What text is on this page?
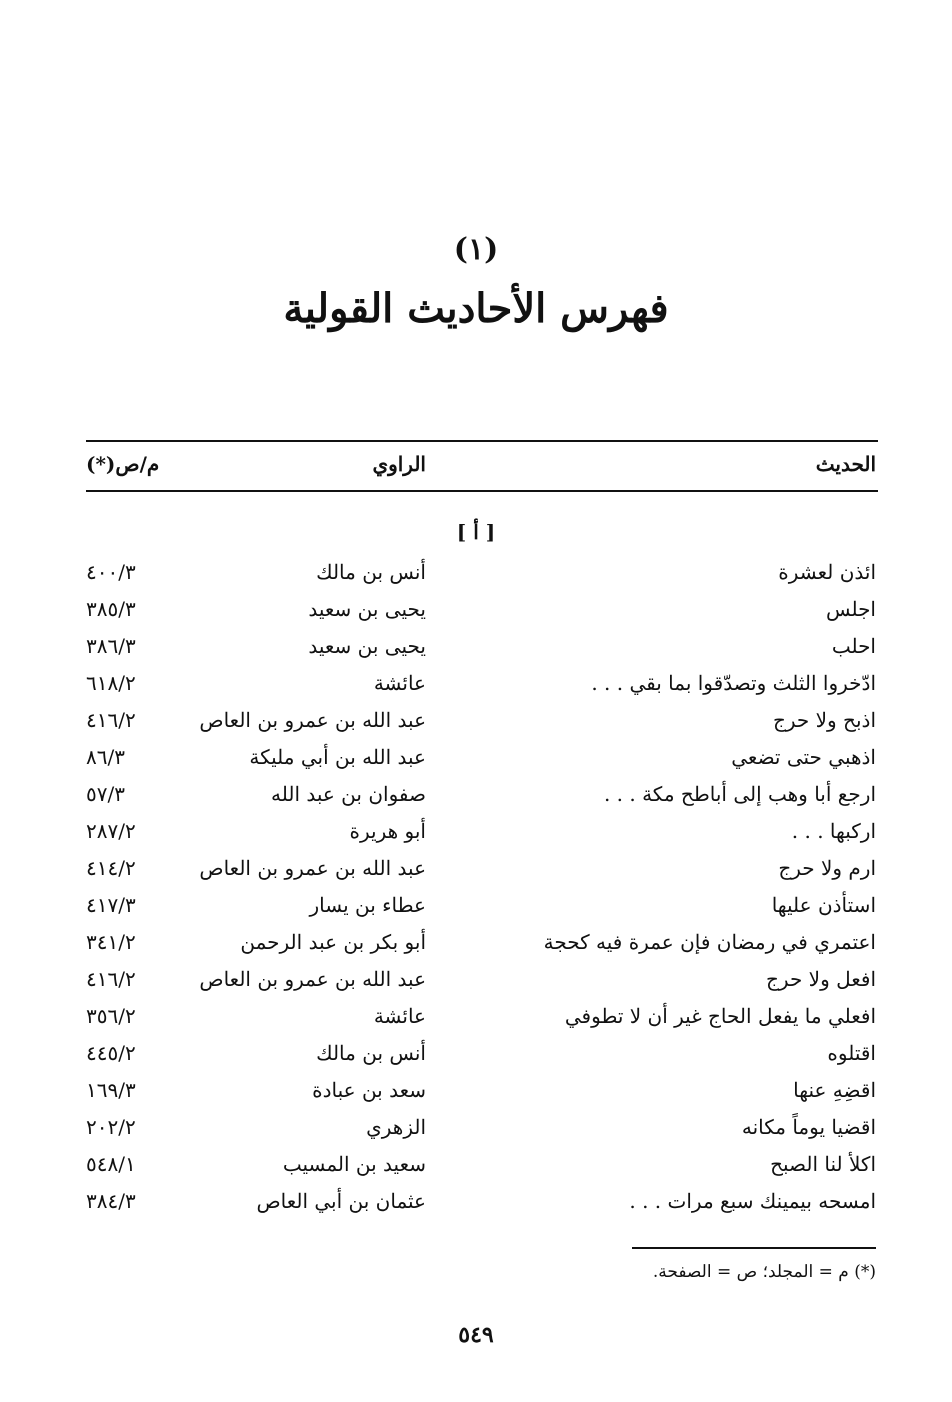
(١)
فهرس الأحاديث القولية
الحديث
الراوي
م/ص(*)
[ أ ]
ائذن لعشرة
أنس بن مالك
٤٠٠/٣
اجلس
يحيى بن سعيد
٣٨٥/٣
احلب
يحيى بن سعيد
٣٨٦/٣
ادّخروا الثلث وتصدّقوا بما بقي . . .
عائشة
٦١٨/٢
اذبح ولا حرج
عبد الله بن عمرو بن العاص
٤١٦/٢
اذهبي حتى تضعي
عبد الله بن أبي مليكة
٨٦/٣
ارجع أبا وهب إلى أباطح مكة . . .
صفوان بن عبد الله
٥٧/٣
اركبها . . .
أبو هريرة
٢٨٧/٢
ارم ولا حرج
عبد الله بن عمرو بن العاص
٤١٤/٢
استأذن عليها
عطاء بن يسار
٤١٧/٣
اعتمري في رمضان فإن عمرة فيه كحجة
أبو بكر بن عبد الرحمن
٣٤١/٢
افعل ولا حرج
عبد الله بن عمرو بن العاص
٤١٦/٢
افعلي ما يفعل الحاج غير أن لا تطوفي
عائشة
٣٥٦/٢
اقتلوه
أنس بن مالك
٤٤٥/٢
اقضِهِ عنها
سعد بن عبادة
١٦٩/٣
اقضيا يوماً مكانه
الزهري
٢٠٢/٢
اكلأ لنا الصبح
سعيد بن المسيب
٥٤٨/١
امسحه بيمينك سبع مرات . . .
عثمان بن أبي العاص
٣٨٤/٣
(*) م = المجلد؛ ص = الصفحة.
٥٤٩
